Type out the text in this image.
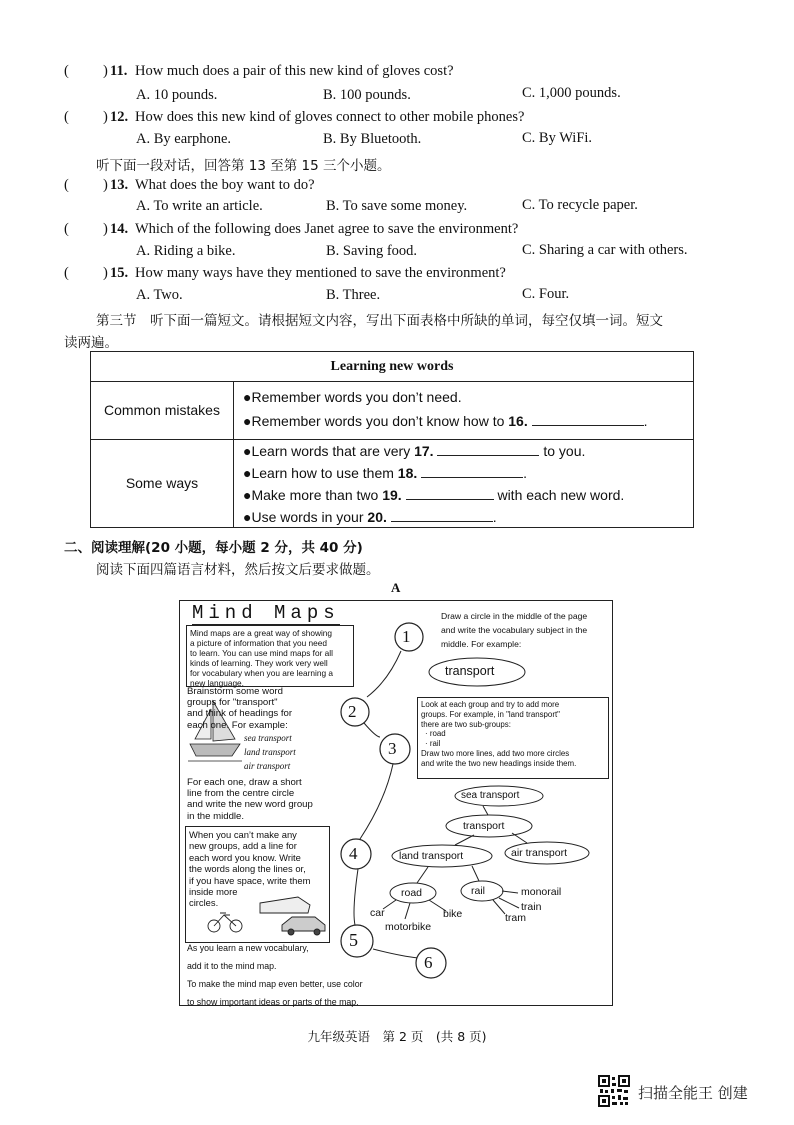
( ) 11. How much does a pair of this new kind of gloves cost?
A. 10 pounds.	B. 100 pounds.	C. 1,000 pounds.
( ) 12. How does this new kind of gloves connect to other mobile phones?
A. By earphone.	B. By Bluetooth.	C. By WiFi.
听下面一段对话，回答第 13 至第 15 三个小题。
( ) 13. What does the boy want to do?
A. To write an article.	B. To save some money.	C. To recycle paper.
( ) 14. Which of the following does Janet agree to save the environment?
A. Riding a bike.	B. Saving food.	C. Sharing a car with others.
( ) 15. How many ways have they mentioned to save the environment?
A. Two.	B. Three.	C. Four.
第三节　听下面一篇短文。请根据短文内容，写出下面表格中所缺的单词，每空仅填一词。短文
读两遍。
Learning new words
Common mistakes
●Remember words you don’t need.
●Remember words you don’t know how to 16.	.
Some ways
●Learn words that are very 17.	to you.
●Learn how to use them 18.	.
●Make more than two 19.	with each new word.
●Use words in your 20.	.
二、阅读理解(20 小题，每小题 2 分，共 40 分)
阅读下面四篇语言材料，然后按文后要求做题。
A
Mind Maps
Mind maps are a great way of showing
a picture of information that you need
to learn. You can use mind maps for all
kinds of learning. They work very well
for vocabulary when you are learning a
new language.
Brainstorm some word
groups for "transport"
and think of headings for
each one. For example:
sea transport
land transport
air transport
For each one, draw a short
line from the centre circle
and write the new word group
in the middle.
When you can’t make any
new groups, add a line for
each word you know. Write
the words along the lines or,
if you have space, write them
inside more
circles.
As you learn a new vocabulary,
add it to the mind map.
To make the mind map even better, use color
to show important ideas or parts of the map.
Draw a circle in the middle of the page
and write the vocabulary subject in the
middle. For example:
Look at each group and try to add more
groups. For example, in "land transport"
there are two sub-groups:
· road
· rail
Draw two more lines, add two more circles
and write the two new headings inside them.
1
2
3
4
5
6
transport
sea transport
transport
land transport	air transport
road	rail
car
motorbike
bike
monorail
train
tram
九年级英语　第 2 页　(共 8 页)
扫描全能王 创建
